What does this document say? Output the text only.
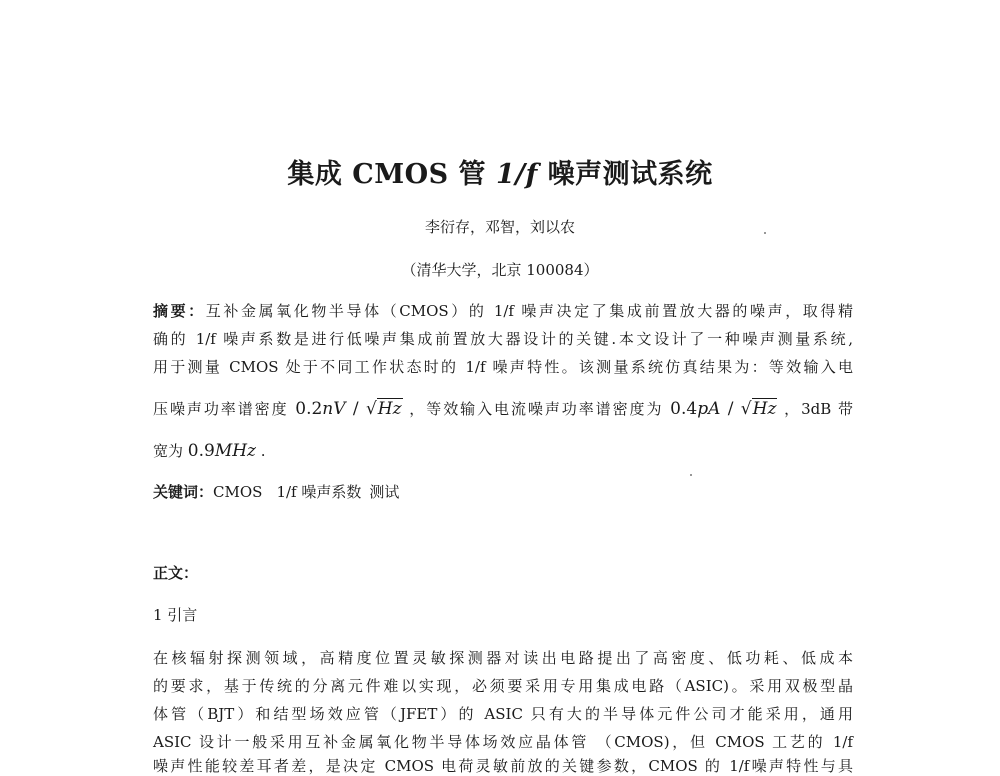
集成 CMOS 管 1/f 噪声测试系统
李衍存，邓智，刘以农
（清华大学，北京 100084）
摘要：互补金属氧化物半导体（CMOS）的 1/f 噪声决定了集成前置放大器的噪声，取得精
确的 1/f 噪声系数是进行低噪声集成前置放大器设计的关键.本文设计了一种噪声测量系统,
用于测量 CMOS 处于不同工作状态时的 1/f 噪声特性。该测量系统仿真结果为：等效输入电
压噪声功率谱密度 0.2nV / √Hz ，等效输入电流噪声功率谱密度为 0.4pA / √Hz ，3dB 带
宽为 0.9MHz .
关键词：CMOS 1/f 噪声系数 测试
正文：
1 引言
在核辐射探测领域，高精度位置灵敏探测器对读出电路提出了高密度、低功耗、低成本
的要求，基于传统的分离元件难以实现，必须要采用专用集成电路（ASIC)。采用双极型晶
体管（BJT）和结型场效应管（JFET）的 ASIC 只有大的半导体元件公司才能采用，通用
ASIC 设计一般采用互补金属氧化物半导体场效应晶体管 （CMOS)，但 CMOS 工艺的 1/f
噪声性能较差耳者差，是决定 CMOS 电荷灵敏前放的关键参数，CMOS 的 1/f噪声特性与具
